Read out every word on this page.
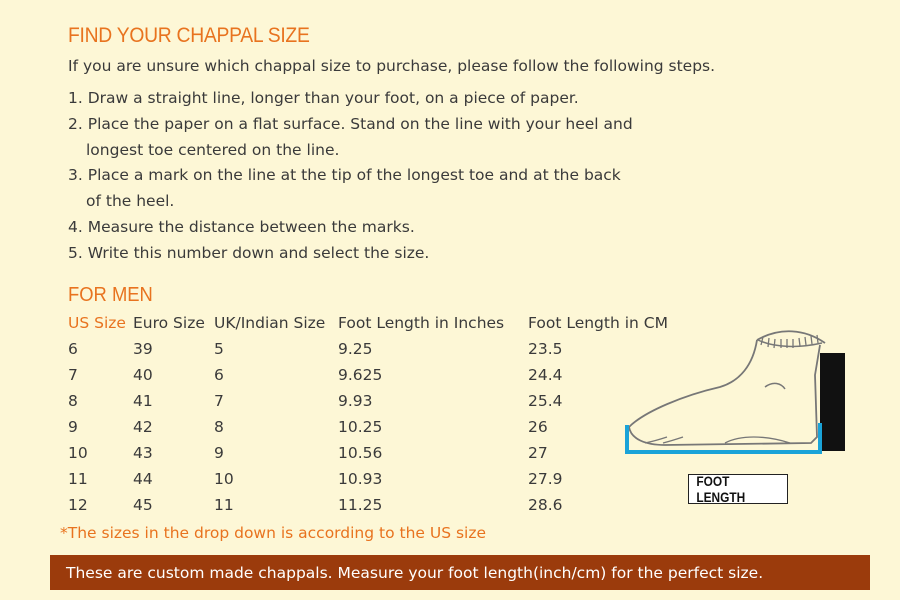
FIND YOUR CHAPPAL SIZE
If you are unsure which chappal size to purchase, please follow the following steps.
1. Draw a straight line, longer than your foot, on a piece of paper.
2. Place the paper on a flat surface. Stand on the line with your heel and
longest toe centered on the line.
3. Place a mark on the line at the tip of the longest toe and at the back
of the heel.
4. Measure the distance between the marks.
5. Write this number down and select the size.
FOR MEN
US Size	Euro Size	UK/Indian Size	Foot Length in Inches	Foot Length in CM
6	39	5	9.25	23.5
7	40	6	9.625	24.4
8	41	7	9.93	25.4
9	42	8	10.25	26
10	43	9	10.56	27
11	44	10	10.93	27.9
12	45	11	11.25	28.6
FOOT LENGTH
*The sizes in the drop down is according to the US size
These are custom made chappals. Measure your foot length(inch/cm) for the perfect size.
